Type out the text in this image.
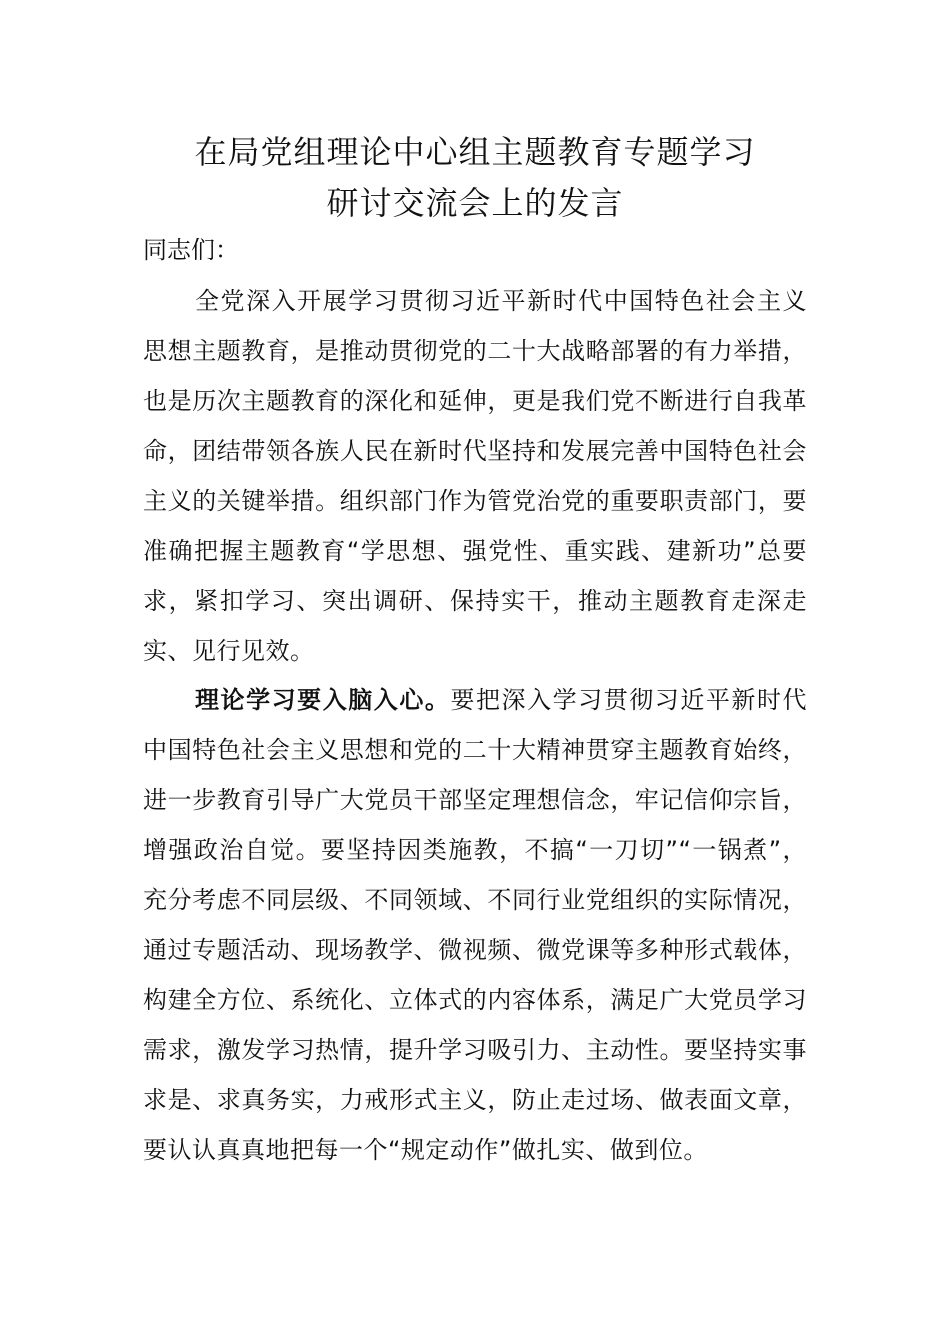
在局党组理论中心组主题教育专题学习
研讨交流会上的发言

同志们：

全党深入开展学习贯彻习近平新时代中国特色社会主义思想主题教育，是推动贯彻党的二十大战略部署的有力举措，也是历次主题教育的深化和延伸，更是我们党不断进行自我革命，团结带领各族人民在新时代坚持和发展完善中国特色社会主义的关键举措。组织部门作为管党治党的重要职责部门，要准确把握主题教育“学思想、强党性、重实践、建新功”总要求，紧扣学习、突出调研、保持实干，推动主题教育走深走实、见行见效。

理论学习要入脑入心。要把深入学习贯彻习近平新时代中国特色社会主义思想和党的二十大精神贯穿主题教育始终，进一步教育引导广大党员干部坚定理想信念，牢记信仰宗旨，增强政治自觉。要坚持因类施教，不搞“一刀切”“一锅煮”，充分考虑不同层级、不同领域、不同行业党组织的实际情况，通过专题活动、现场教学、微视频、微党课等多种形式载体，构建全方位、系统化、立体式的内容体系，满足广大党员学习需求，激发学习热情，提升学习吸引力、主动性。要坚持实事求是、求真务实，力戒形式主义，防止走过场、做表面文章，要认认真真地把每一个“规定动作”做扎实、做到位。
